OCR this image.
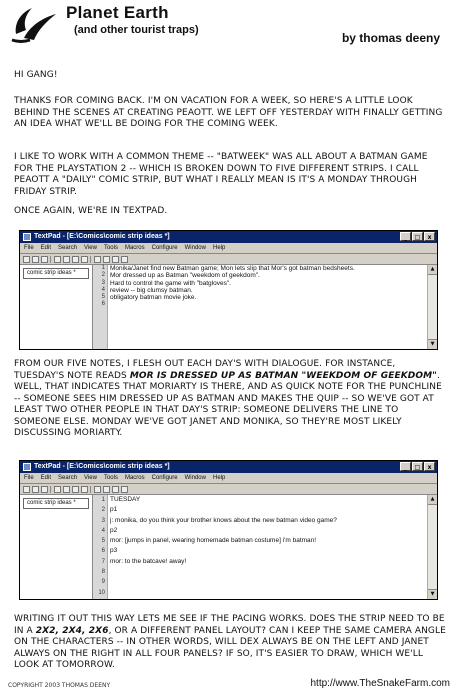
Planet Earth
(and other tourist traps)
by thomas deeny

HI GANG!

THANKS FOR COMING BACK. I'M ON VACATION FOR A WEEK, SO HERE'S A LITTLE LOOK BEHIND THE SCENES AT CREATING PEAOTT. WE LEFT OFF YESTERDAY WITH FINALLY GETTING AN IDEA WHAT WE'LL BE DOING FOR THE COMING WEEK.

I LIKE TO WORK WITH A COMMON THEME -- "BATWEEK" WAS ALL ABOUT A BATMAN GAME FOR THE PLAYSTATION 2 -- WHICH IS BROKEN DOWN TO FIVE DIFFERENT STRIPS. I CALL PEAOTT A "DAILY" COMIC STRIP, BUT WHAT I REALLY MEAN IS IT'S A MONDAY THROUGH FRIDAY STRIP.

ONCE AGAIN, WE'RE IN TEXTPAD.

TextPad - [E:\Comics\comic strip ideas *]	_	□	x
File Edit Search View Tools Macros Configure Window Help
comic strip ideas *
1
2
3
4
5
6
Monika/Janet find new Batman game; Mon lets slip that Mor's got batman bedsheets.
Mor dressed up as Batman "weekdom of geekdom".
Hard to control the game with "batgloves".
review -- big clumsy batman.
obligatory batman movie joke.
▲
▼

FROM OUR FIVE NOTES, I FLESH OUT EACH DAY'S WITH DIALOGUE. FOR INSTANCE, TUESDAY'S NOTE READS MOR IS DRESSED UP AS BATMAN "WEEKDOM OF GEEKDOM". WELL, THAT INDICATES THAT MORIARTY IS THERE, AND AS QUICK NOTE FOR THE PUNCHLINE -- SOMEONE SEES HIM DRESSED UP AS BATMAN AND MAKES THE QUIP -- SO WE'VE GOT AT LEAST TWO OTHER PEOPLE IN THAT DAY'S STRIP: SOMEONE DELIVERS THE LINE TO SOMEONE ELSE. MONDAY WE'VE GOT JANET AND MONIKA, SO THEY'RE MOST LIKELY DISCUSSING MORIARTY.

TextPad - [E:\Comics\comic strip ideas *]	_	□	x
File Edit Search View Tools Macros Configure Window Help
comic strip ideas *	1
2
3
4
5
6
7
8
9
10
TUESDAY
p1
j: monika, do you think your brother knows about the new batman video game?
p2
mor: [jumps in panel, wearing homemade batman costume] i'm batman!
p3
mor: to the batcave! away!
▲
▼

WRITING IT OUT THIS WAY LETS ME SEE IF THE PACING WORKS. DOES THE STRIP NEED TO BE IN A 2X2, 2X4, 2X6, OR A DIFFERENT PANEL LAYOUT? CAN I KEEP THE SAME CAMERA ANGLE ON THE CHARACTERS -- IN OTHER WORDS, WILL DEX ALWAYS BE ON THE LEFT AND JANET ALWAYS ON THE RIGHT IN ALL FOUR PANELS? IF SO, IT'S EASIER TO DRAW, WHICH WE'LL LOOK AT TOMORROW.

COPYRIGHT 2003 THOMAS DEENY	http://www.TheSnakeFarm.com
